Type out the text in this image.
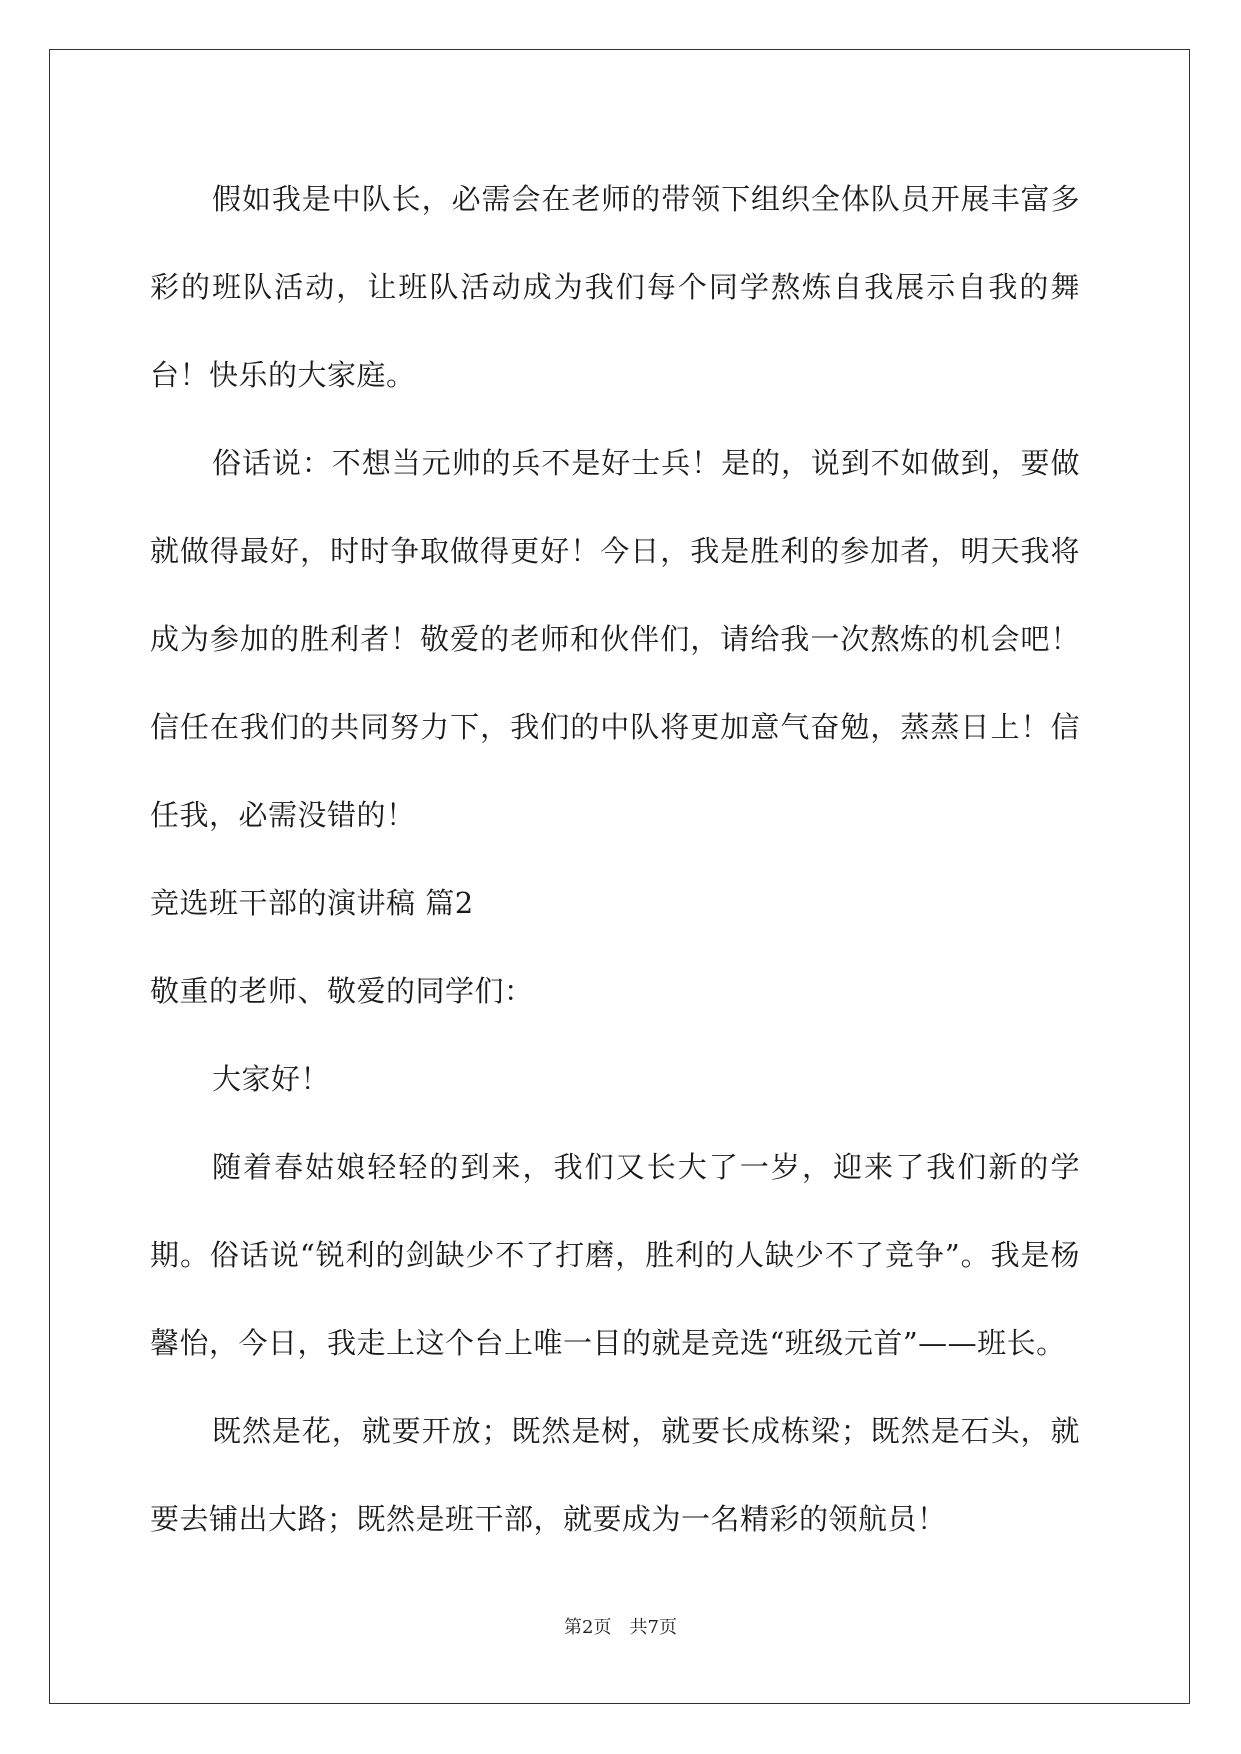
假如我是中队长，必需会在老师的带领下组织全体队员开展丰富多彩的班队活动，让班队活动成为我们每个同学熬炼自我展示自我的舞台！快乐的大家庭。

俗话说：不想当元帅的兵不是好士兵！是的，说到不如做到，要做就做得最好，时时争取做得更好！今日，我是胜利的参加者，明天我将成为参加的胜利者！敬爱的老师和伙伴们，请给我一次熬炼的机会吧！信任在我们的共同努力下，我们的中队将更加意气奋勉，蒸蒸日上！信任我，必需没错的！

竞选班干部的演讲稿 篇2

敬重的老师、敬爱的同学们：

大家好！

随着春姑娘轻轻的到来，我们又长大了一岁，迎来了我们新的学期。俗话说“锐利的剑缺少不了打磨，胜利的人缺少不了竞争”。我是杨馨怡，今日，我走上这个台上唯一目的就是竞选“班级元首”——班长。

既然是花，就要开放；既然是树，就要长成栋梁；既然是石头，就要去铺出大路；既然是班干部，就要成为一名精彩的领航员！

第2页　共7页
